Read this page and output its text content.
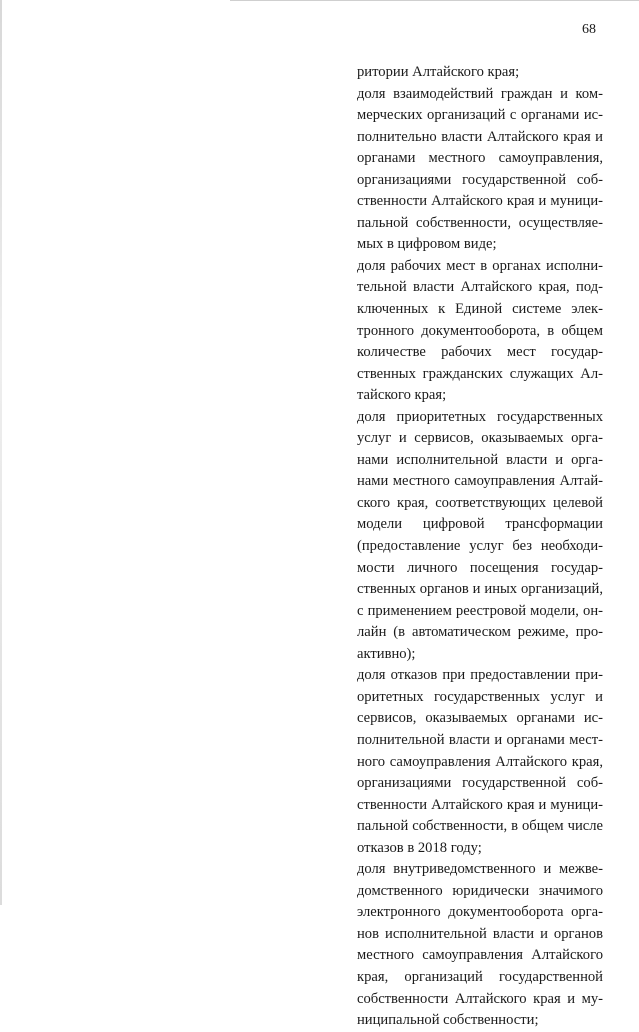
68
ритории Алтайского края;
доля взаимодействий граждан и ком-
мерческих организаций с органами ис-
полнительно власти Алтайского края и
органами местного самоуправления,
организациями государственной соб-
ственности Алтайского края и муници-
пальной собственности, осуществляе-
мых в цифровом виде;
доля рабочих мест в органах исполни-
тельной власти Алтайского края, под-
ключенных к Единой системе элек-
тронного документооборота, в общем
количестве рабочих мест государ-
ственных гражданских служащих Ал-
тайского края;
доля приоритетных государственных
услуг и сервисов, оказываемых орга-
нами исполнительной власти и орга-
нами местного самоуправления Алтай-
ского края, соответствующих целевой
модели цифровой трансформации
(предоставление услуг без необходи-
мости личного посещения государ-
ственных органов и иных организаций,
с применением реестровой модели, он-
лайн (в автоматическом режиме, про-
активно);
доля отказов при предоставлении при-
оритетных государственных услуг и
сервисов, оказываемых органами ис-
полнительной власти и органами мест-
ного самоуправления Алтайского края,
организациями государственной соб-
ственности Алтайского края и муници-
пальной собственности, в общем числе
отказов в 2018 году;
доля внутриведомственного и межве-
домственного юридически значимого
электронного документооборота орга-
нов исполнительной власти и органов
местного самоуправления Алтайского
края, организаций государственной
собственности Алтайского края и му-
ниципальной собственности;
